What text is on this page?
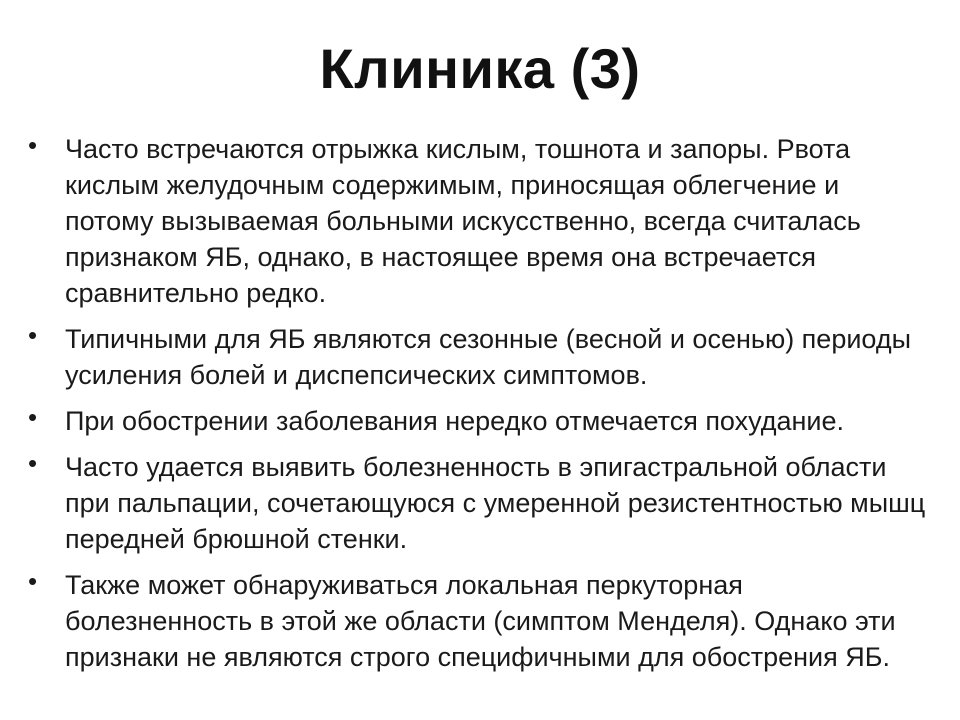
Клиника (3)
• Часто встречаются отрыжка кислым, тошнота и запоры. Рвота кислым желудочным содержимым, приносящая облегчение и потому вызываемая больными искусственно, всегда считалась признаком ЯБ, однако, в настоящее время она встречается сравнительно редко.
• Типичными для ЯБ являются сезонные (весной и осенью) периоды усиления болей и диспепсических симптомов.
• При обострении заболевания нередко отмечается похудание.
• Часто удается выявить болезненность в эпигастральной области при пальпации, сочетающуюся с умеренной резистентностью мышц передней брюшной стенки.
• Также может обнаруживаться локальная перкуторная болезненность в этой же области (симптом Менделя). Однако эти признаки не являются строго специфичными для обострения ЯБ.
